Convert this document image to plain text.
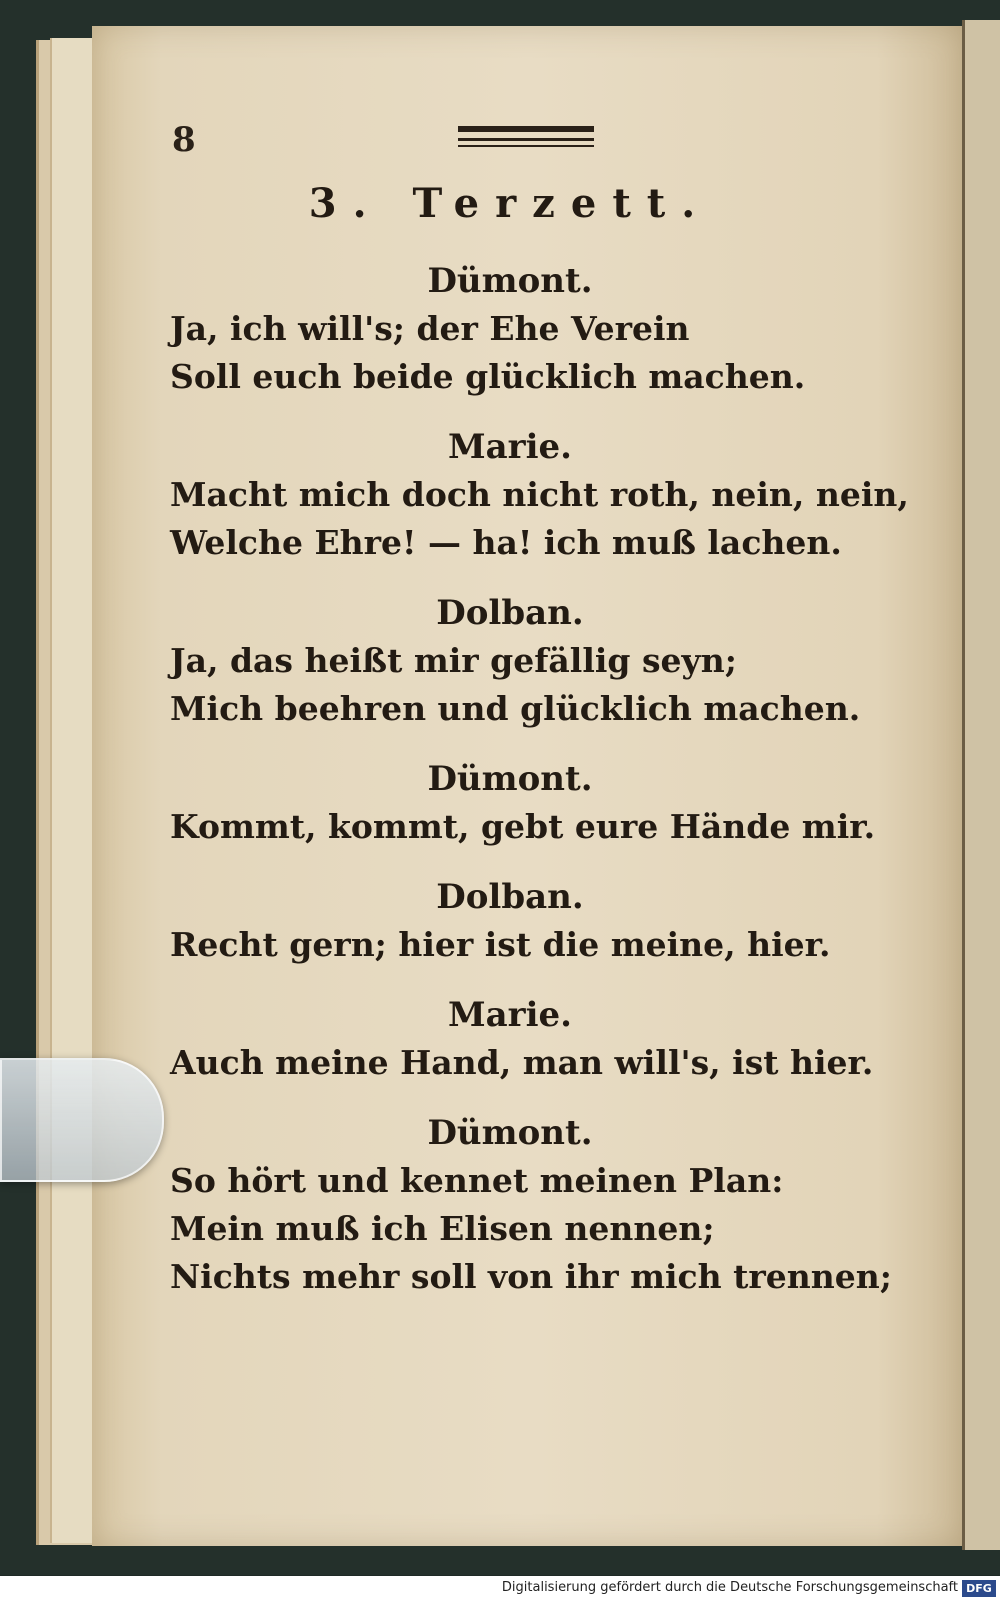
8
3. Terzett.

Dümont.

Ja, ich will's; der Ehe Verein

Soll euch beide glücklich machen.

Marie.

Macht mich doch nicht roth, nein, nein,

Welche Ehre! — ha! ich muß lachen.

Dolban.

Ja, das heißt mir gefällig seyn;

Mich beehren und glücklich machen.

Dümont.

Kommt, kommt, gebt eure Hände mir.

Dolban.

Recht gern; hier ist die meine, hier.

Marie.

Auch meine Hand, man will's, ist hier.

Dümont.

So hört und kennet meinen Plan:

Mein muß ich Elisen nennen;

Nichts mehr soll von ihr mich trennen;

Digitalisierung gefördert durch die Deutsche Forschungsgemeinschaft DFG
